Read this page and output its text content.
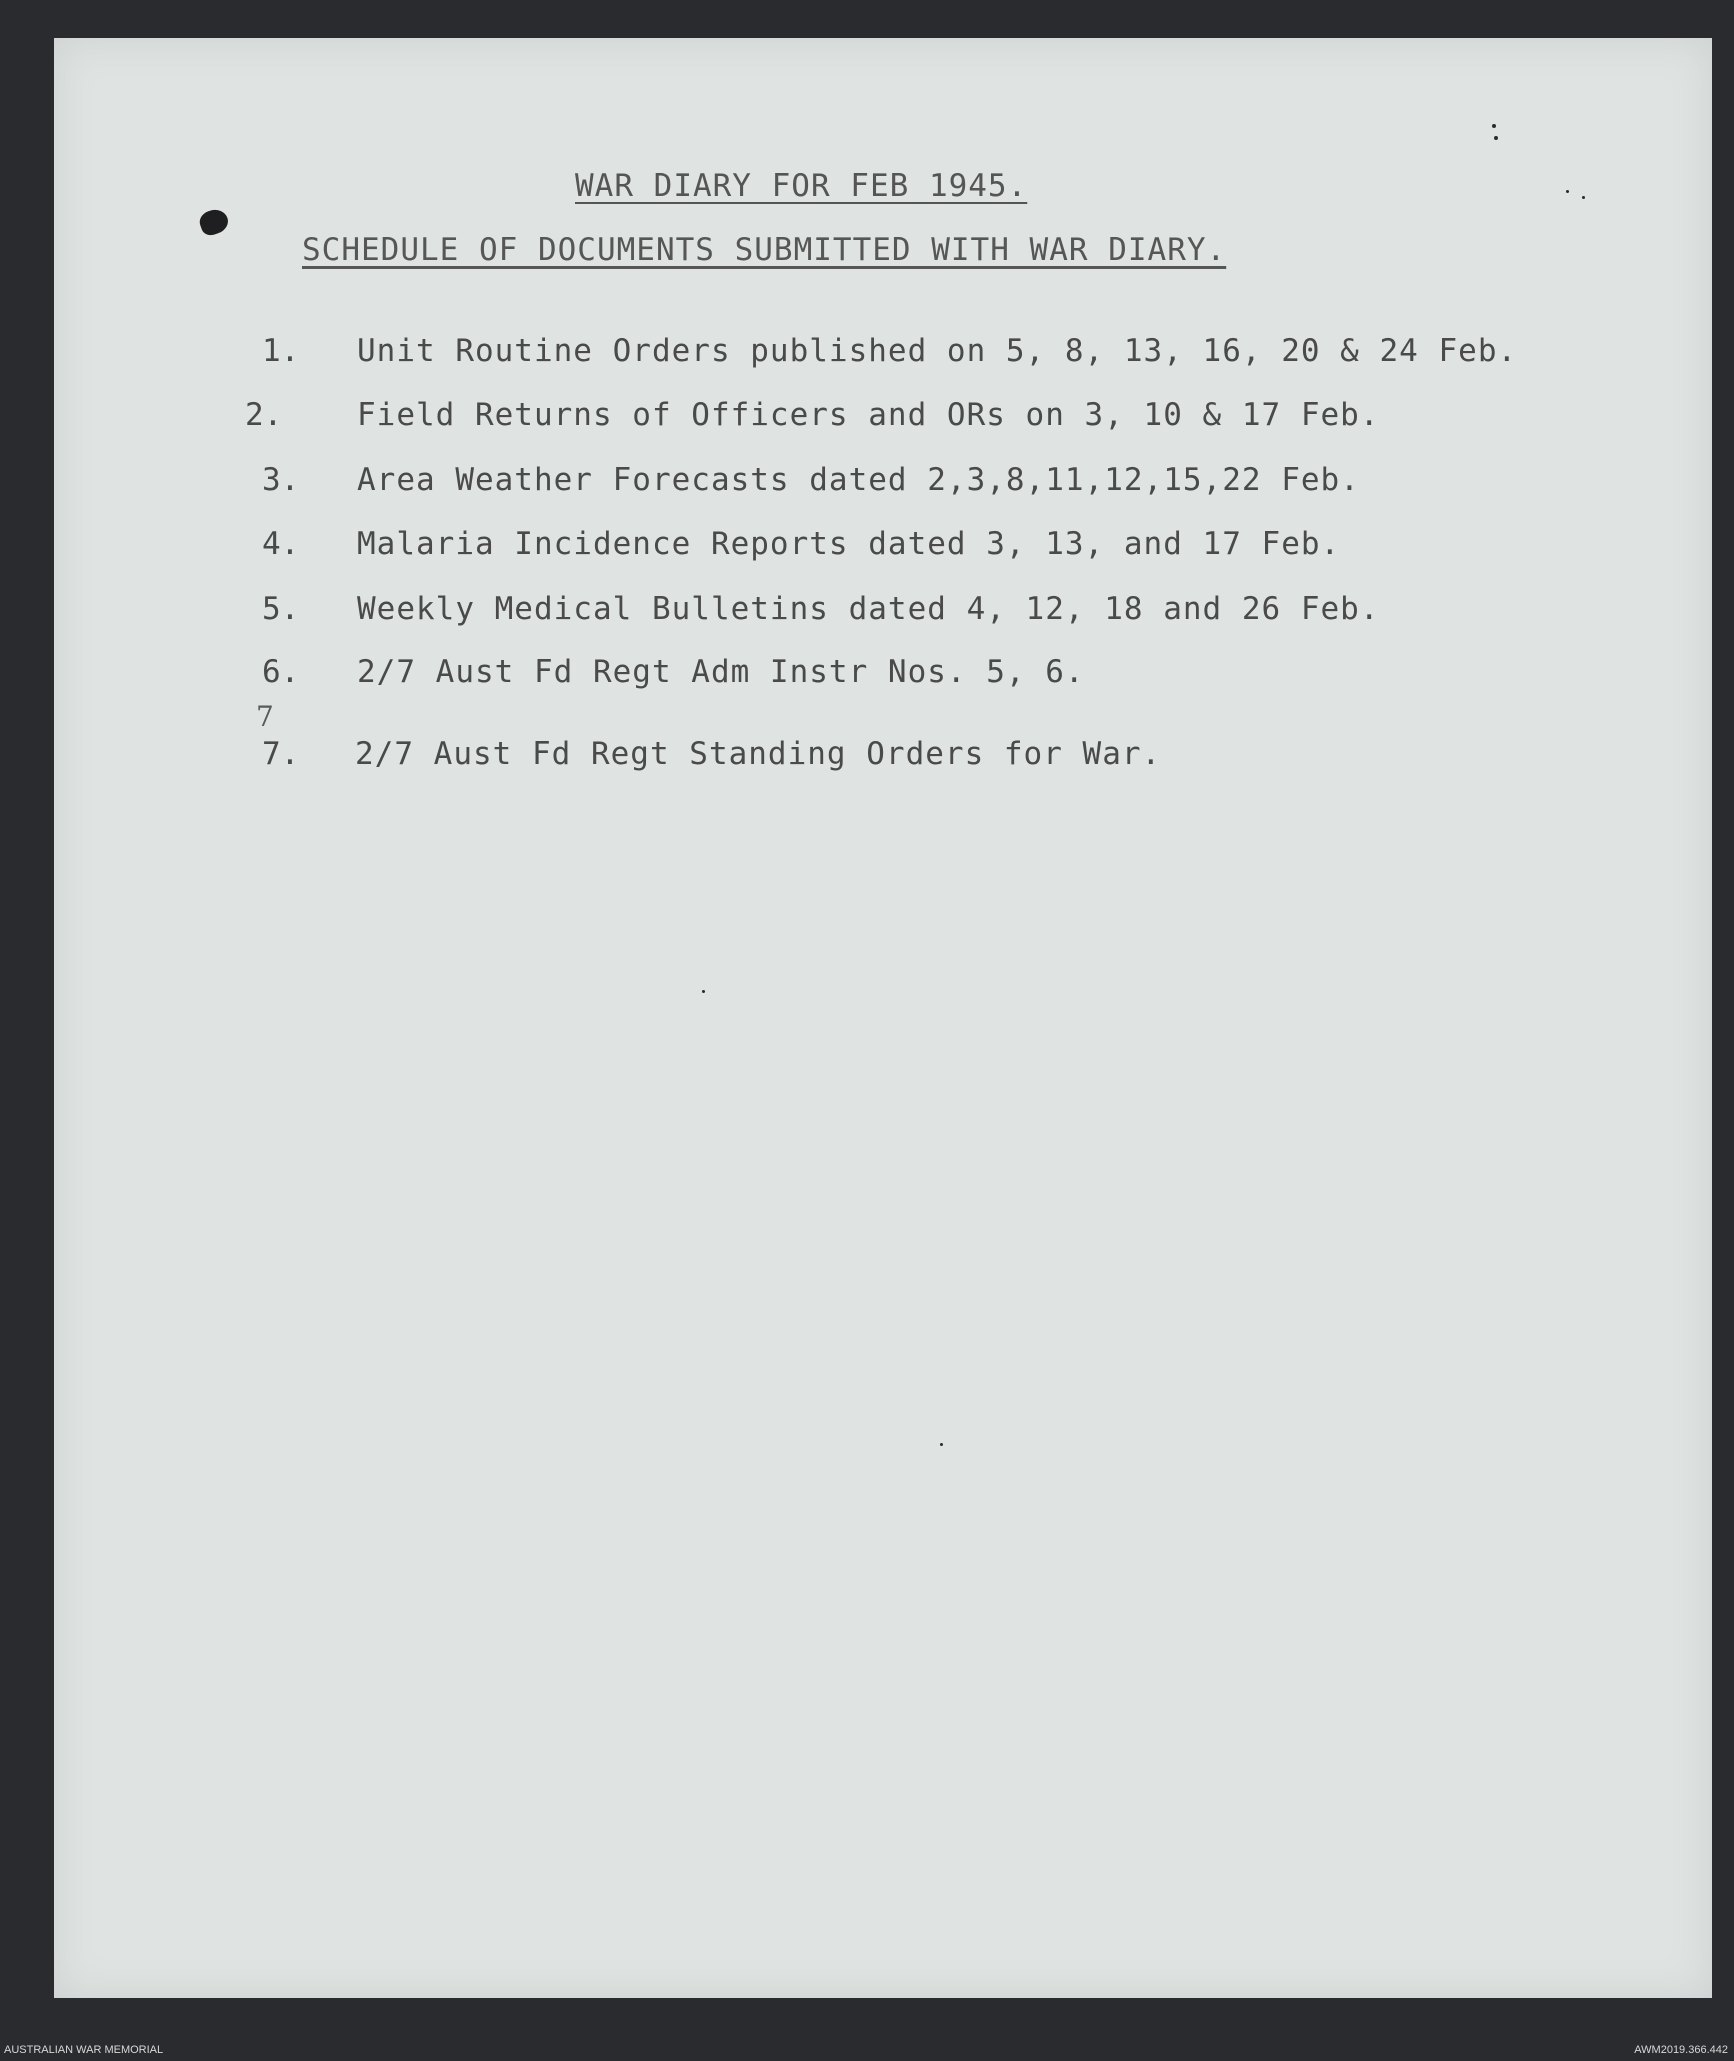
WAR DIARY FOR FEB 1945.
SCHEDULE OF DOCUMENTS SUBMITTED WITH WAR DIARY.
1. Unit Routine Orders published on 5, 8, 13, 16, 20 & 24 Feb.
2. Field Returns of Officers and ORs on 3, 10 & 17 Feb.
3. Area Weather Forecasts dated 2,3,8,11,12,15,22 Feb.
4. Malaria Incidence Reports dated 3, 13, and 17 Feb.
5. Weekly Medical Bulletins dated 4, 12, 18 and 26 Feb.
6. 2/7 Aust Fd Regt Adm Instr Nos. 5, 6.
7. 2/7 Aust Fd Regt Standing Orders for War.
7
AUSTRALIAN WAR MEMORIAL	AWM2019.366.442
